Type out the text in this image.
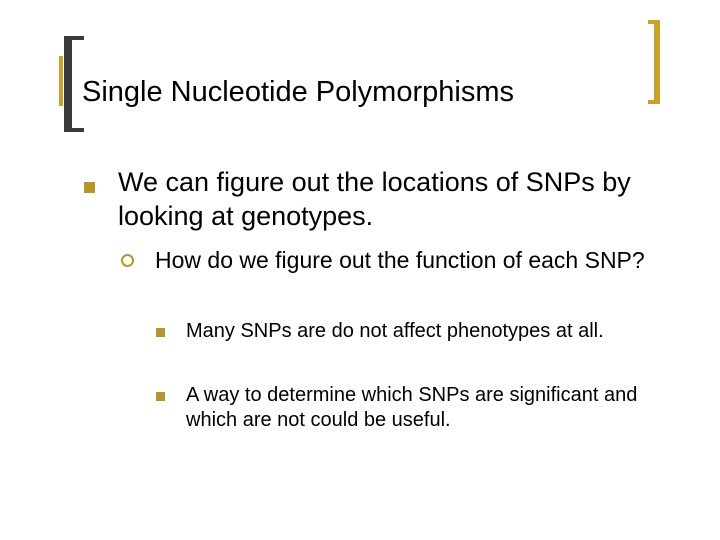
Single Nucleotide Polymorphisms
We can figure out the locations of SNPs by looking at genotypes.
How do we figure out the function of each SNP?
Many SNPs are do not affect phenotypes at all.
A way to determine which SNPs are significant and which are not could be useful.
